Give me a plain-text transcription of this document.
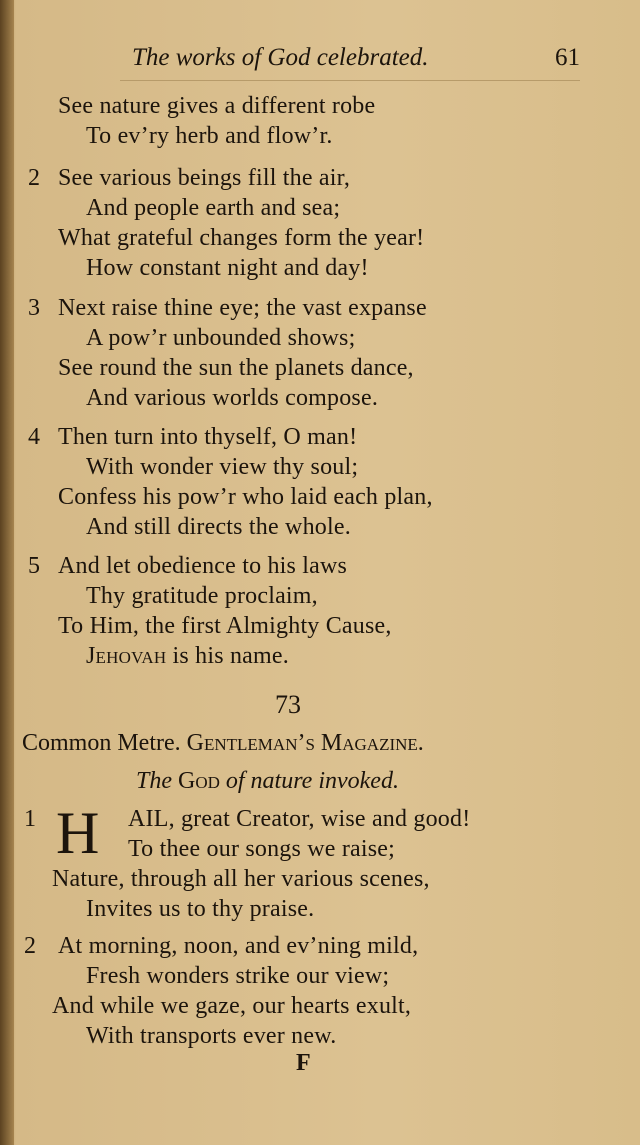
The works of God celebrated.	61
See nature gives a different robe
To ev’ry herb and flow’r.
2 See various beings fill the air,
And people earth and sea;
What grateful changes form the year!
How constant night and day!
3 Next raise thine eye; the vast expanse
A pow’r unbounded shows;
See round the sun the planets dance,
And various worlds compose.
4 Then turn into thyself, O man!
With wonder view thy soul;
Confess his pow’r who laid each plan,
And still directs the whole.
5 And let obedience to his laws
Thy gratitude proclaim,
To Him, the first Almighty Cause,
Jehovah is his name.
73
Common Metre. Gentleman’s Magazine.
The God of nature invoked.
1 H AIL, great Creator, wise and good!
To thee our songs we raise;
Nature, through all her various scenes,
Invites us to thy praise.
2 At morning, noon, and ev’ning mild,
Fresh wonders strike our view;
And while we gaze, our hearts exult,
With transports ever new.
F
